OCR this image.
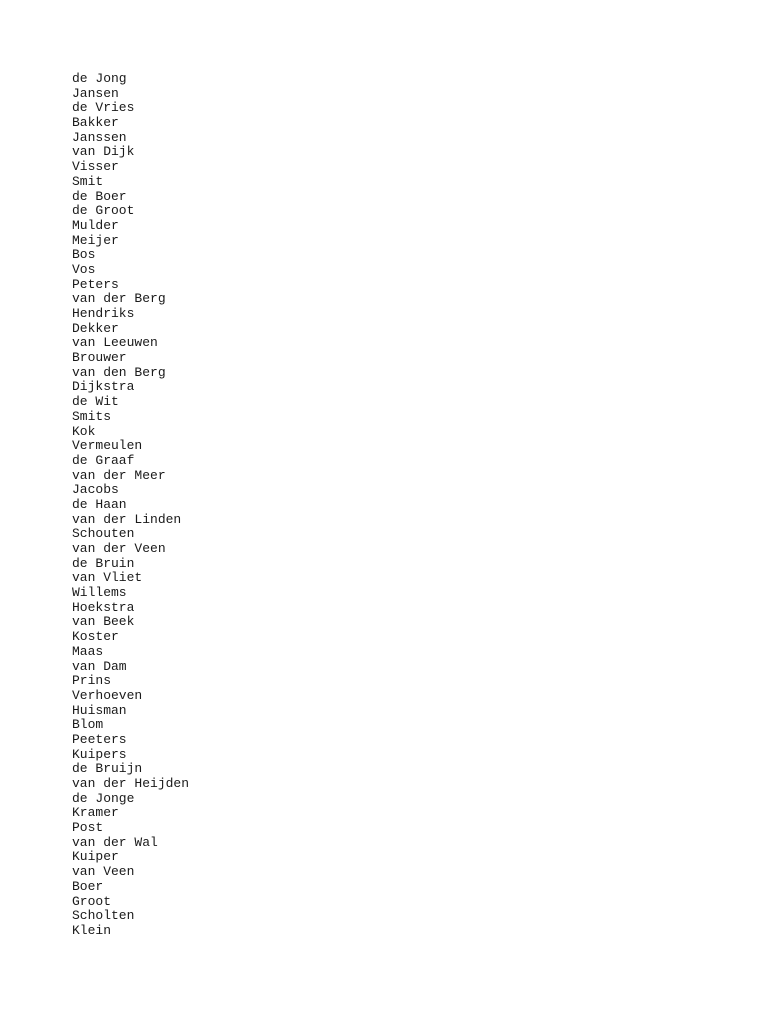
de Jong
Jansen
de Vries
Bakker
Janssen
van Dijk
Visser
Smit
de Boer
de Groot
Mulder
Meijer
Bos
Vos
Peters
van der Berg
Hendriks
Dekker
van Leeuwen
Brouwer
van den Berg
Dijkstra
de Wit
Smits
Kok
Vermeulen
de Graaf
van der Meer
Jacobs
de Haan
van der Linden
Schouten
van der Veen
de Bruin
van Vliet
Willems
Hoekstra
van Beek
Koster
Maas
van Dam
Prins
Verhoeven
Huisman
Blom
Peeters
Kuipers
de Bruijn
van der Heijden
de Jonge
Kramer
Post
van der Wal
Kuiper
van Veen
Boer
Groot
Scholten
Klein
